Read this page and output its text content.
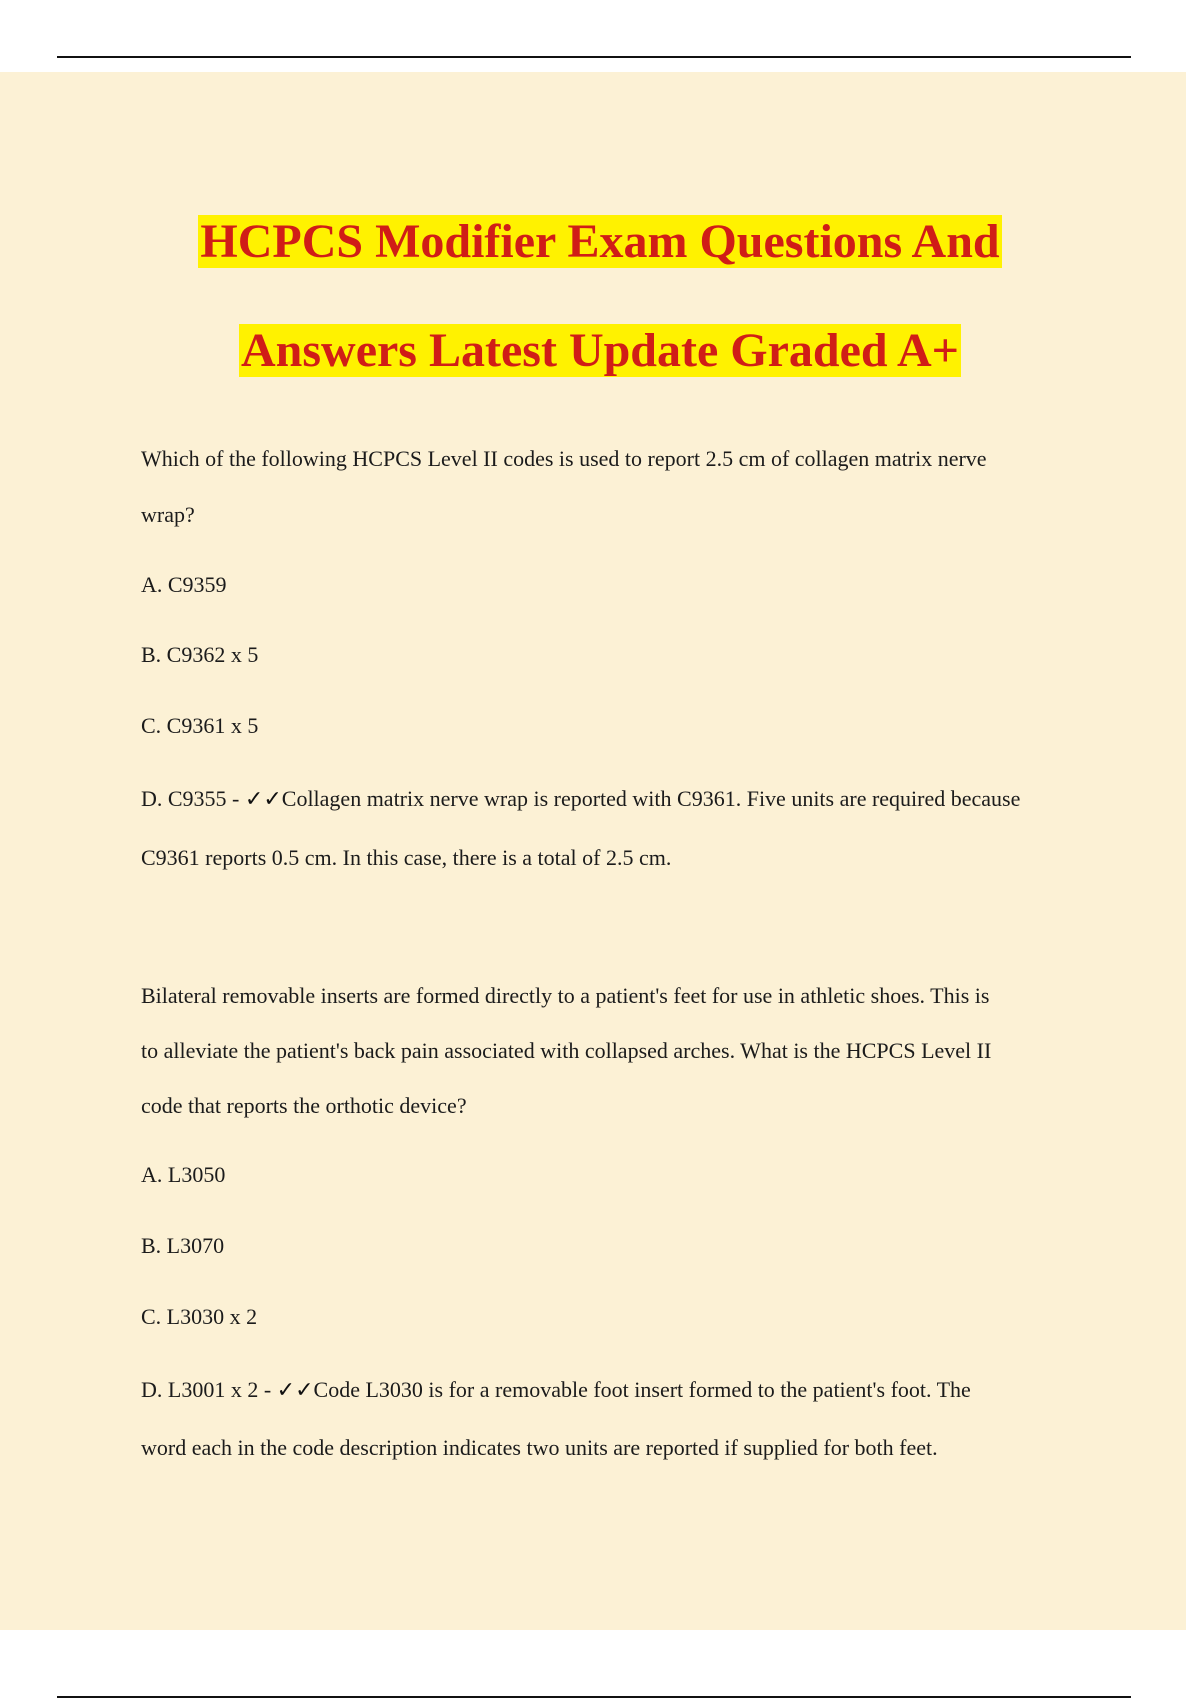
HCPCS Modifier Exam Questions And
Answers Latest Update Graded A+
Which of the following HCPCS Level II codes is used to report 2.5 cm of collagen matrix nerve
wrap?
A. C9359
B. C9362 x 5
C. C9361 x 5
D. C9355 - ✓✓Collagen matrix nerve wrap is reported with C9361. Five units are required because
C9361 reports 0.5 cm. In this case, there is a total of 2.5 cm.
Bilateral removable inserts are formed directly to a patient's feet for use in athletic shoes. This is
to alleviate the patient's back pain associated with collapsed arches. What is the HCPCS Level II
code that reports the orthotic device?
A. L3050
B. L3070
C. L3030 x 2
D. L3001 x 2 - ✓✓Code L3030 is for a removable foot insert formed to the patient's foot. The
word each in the code description indicates two units are reported if supplied for both feet.
